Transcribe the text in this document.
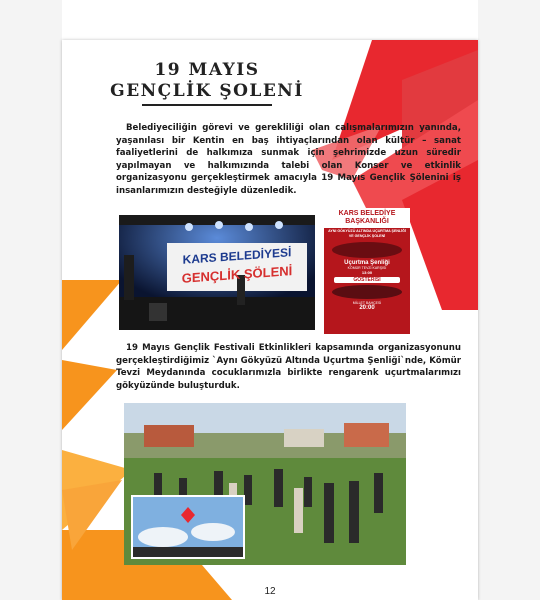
19 MAYIS
GENÇLİK ŞOLENİ
Belediyeciliğin görevi ve gerekliliği olan calışmalarımızın yanında, yaşanılası bir Kentin en baş ihtiyaçlarından olan kültür – sanat faaliyetlerini de halkımıza sunmak için şehrimizde uzun süredir yapılmayan ve halkımızında talebi olan Konser ve etkinlik organizasyonu gerçekleştirmek amacıyla 19 Mayıs Gençlik Şölenini iş insanlarımızın desteğiyle düzenledik.
KARS BELEDİYESİ
GENÇLİK ŞÖLENİ
KARS BELEDİYE BAŞKANLIĞI
AYNI GÖKYÜZÜ ALTINDA UÇURTMA ŞENLİĞİ VE GENÇLİK ŞOLENİ
Uçurtma Şenliği
KÖMÜR TEVZİ KARŞISI
13:00
GÖSTERİSİ
MİLLET BAHÇESİ
20:00
19 Mayıs Gençlik Festivali Etkinlikleri kapsamında organizasyonunu gerçekleştirdiğimiz `Aynı Gökyüzü Altında Uçurtma Şenliği`nde, Kömür Tevzi Meydanında cocuklarımızla birlikte rengarenk uçurtmalarımızı gökyüzünde buluşturduk.
12
